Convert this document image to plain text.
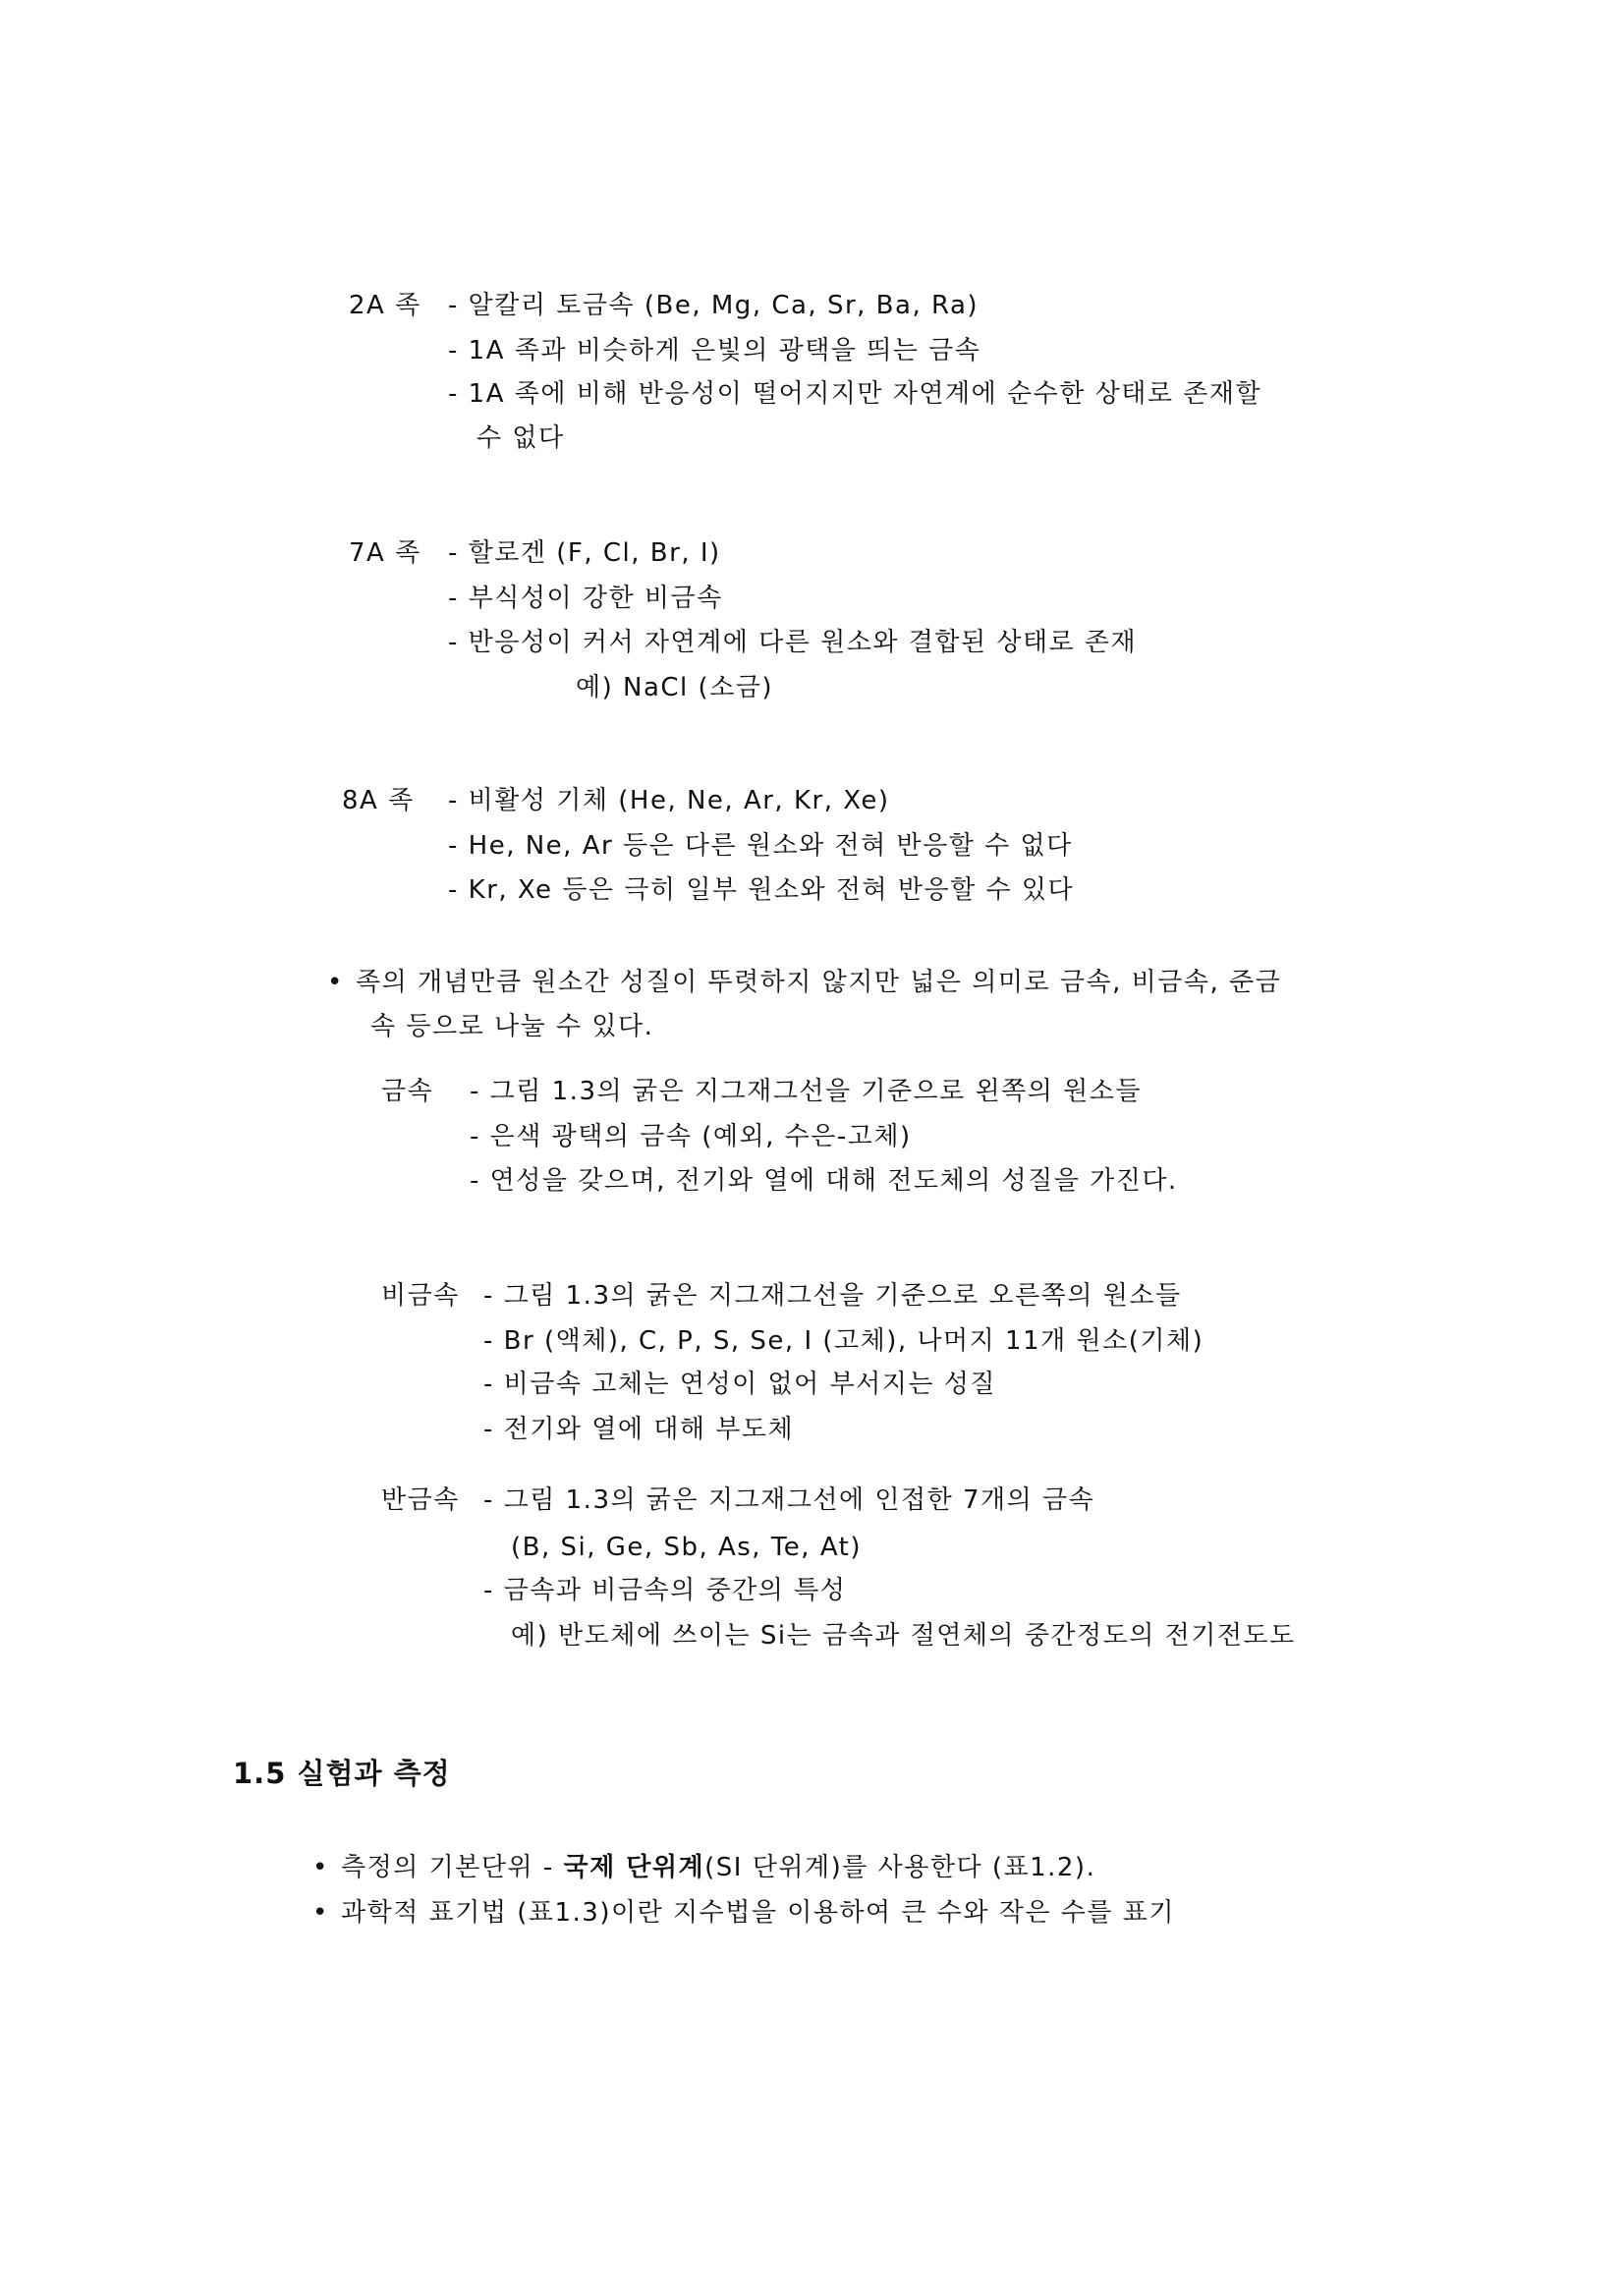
2A 족 - 알칼리 토금속 (Be, Mg, Ca, Sr, Ba, Ra)
- 1A 족과 비슷하게 은빛의 광택을 띄는 금속
- 1A 족에 비해 반응성이 떨어지지만 자연계에 순수한 상태로 존재할
수 없다
7A 족 - 할로겐 (F, Cl, Br, I)
- 부식성이 강한 비금속
- 반응성이 커서 자연계에 다른 원소와 결합된 상태로 존재
예) NaCl (소금)
8A 족 - 비활성 기체 (He, Ne, Ar, Kr, Xe)
- He, Ne, Ar 등은 다른 원소와 전혀 반응할 수 없다
- Kr, Xe 등은 극히 일부 원소와 전혀 반응할 수 있다
• 족의 개념만큼 원소간 성질이 뚜렷하지 않지만 넓은 의미로 금속, 비금속, 준금
속 등으로 나눌 수 있다.
금속 - 그림 1.3의 굵은 지그재그선을 기준으로 왼쪽의 원소들
- 은색 광택의 금속 (예외, 수은-고체)
- 연성을 갖으며, 전기와 열에 대해 전도체의 성질을 가진다.
비금속 - 그림 1.3의 굵은 지그재그선을 기준으로 오른쪽의 원소들
- Br (액체), C, P, S, Se, I (고체), 나머지 11개 원소(기체)
- 비금속 고체는 연성이 없어 부서지는 성질
- 전기와 열에 대해 부도체
반금속 - 그림 1.3의 굵은 지그재그선에 인접한 7개의 금속
(B, Si, Ge, Sb, As, Te, At)
- 금속과 비금속의 중간의 특성
예) 반도체에 쓰이는 Si는 금속과 절연체의 중간정도의 전기전도도
1.5 실험과 측정
• 측정의 기본단위 - 국제 단위계(SI 단위계)를 사용한다 (표1.2).
• 과학적 표기법 (표1.3)이란 지수법을 이용하여 큰 수와 작은 수를 표기
